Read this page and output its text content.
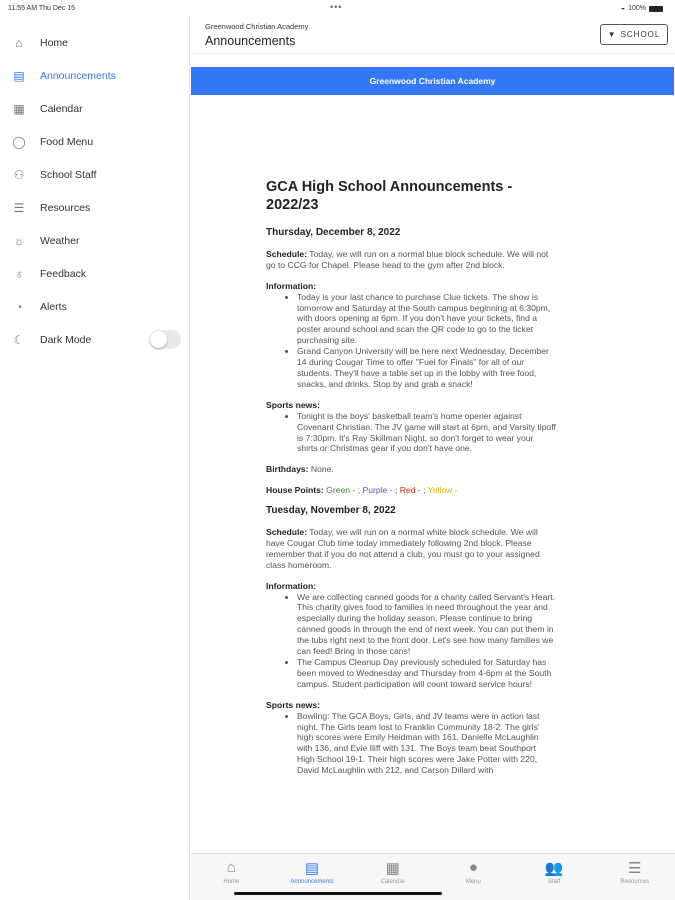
11:55 AM Thu Dec 15	•••	◒ 100%
⌂	Home
▤ Announcements
▦ Calendar
◯ Food Menu
⚇ School Staff
☰ Resources
☼ Weather
♁	Feedback
◔	Alerts
☾ Dark Mode
Greenwood Christian Academy
Announcements	▼ SCHOOL
Greenwood Christian Academy
GCA High School Announcements - 2022/23
Thursday, December 8, 2022

Schedule: Today, we will run on a normal blue block schedule. We will not go to CCG for Chapel. Please head to the gym after 2nd block.

Information:
• Today is your last chance to purchase Clue tickets. The show is tomorrow and Saturday at the South campus beginning at 6:30pm, with doors opening at 6pm. If you don't have your tickets, find a poster around school and scan the QR code to go to the ticket purchasing site.
• Grand Canyon University will be here next Wednesday, December 14 during Cougar Time to offer "Fuel for Finals" for all of our students. They'll have a table set up in the lobby with free food, snacks, and drinks. Stop by and grab a snack!
Sports news:
• Tonight is the boys' basketball team's home opener against Covenant Christian. The JV game will start at 6pm, and Varsity tipoff is 7:30pm. It's Ray Skillman Night, so don't forget to wear your shirts or Christmas gear if you don't have one.

Birthdays: None.

House Points: Green - ; Purple - ; Red - ; Yellow -

Tuesday, November 8, 2022

Schedule: Today, we will run on a normal white block schedule. We will have Cougar Club time today immediately following 2nd block. Please remember that if you do not attend a club, you must go to your assigned class homeroom.

Information:
• We are collecting canned goods for a charity called Servant's Heart. This charity gives food to families in need throughout the year and especially during the holiday season. Please continue to bring canned goods in through the end of next week. You can put them in the tubs right next to the front door. Let's see how many families we can feed! Bring in those cans!
• The Campus Cleanup Day previously scheduled for Saturday has been moved to Wednesday and Thursday from 4-6pm at the South campus. Student participation will count toward service hours!
Sports news:
• Bowling: The GCA Boys, Girls, and JV teams were in action last night. The Girls team lost to Franklin Community 18-2. The girls' high scores were Emily Heidman with 161, Danielle McLaughlin with 136, and Evie Iliff with 131. The Boys team beat Southport High School 19-1. Their high scores were Jake Potter with 220, David McLaughlin with 212, and Carson Dillard with
⌂
Home
▤
Announcements
▦
Calendar
●
Menu
👥
Staff
☰
Resources
